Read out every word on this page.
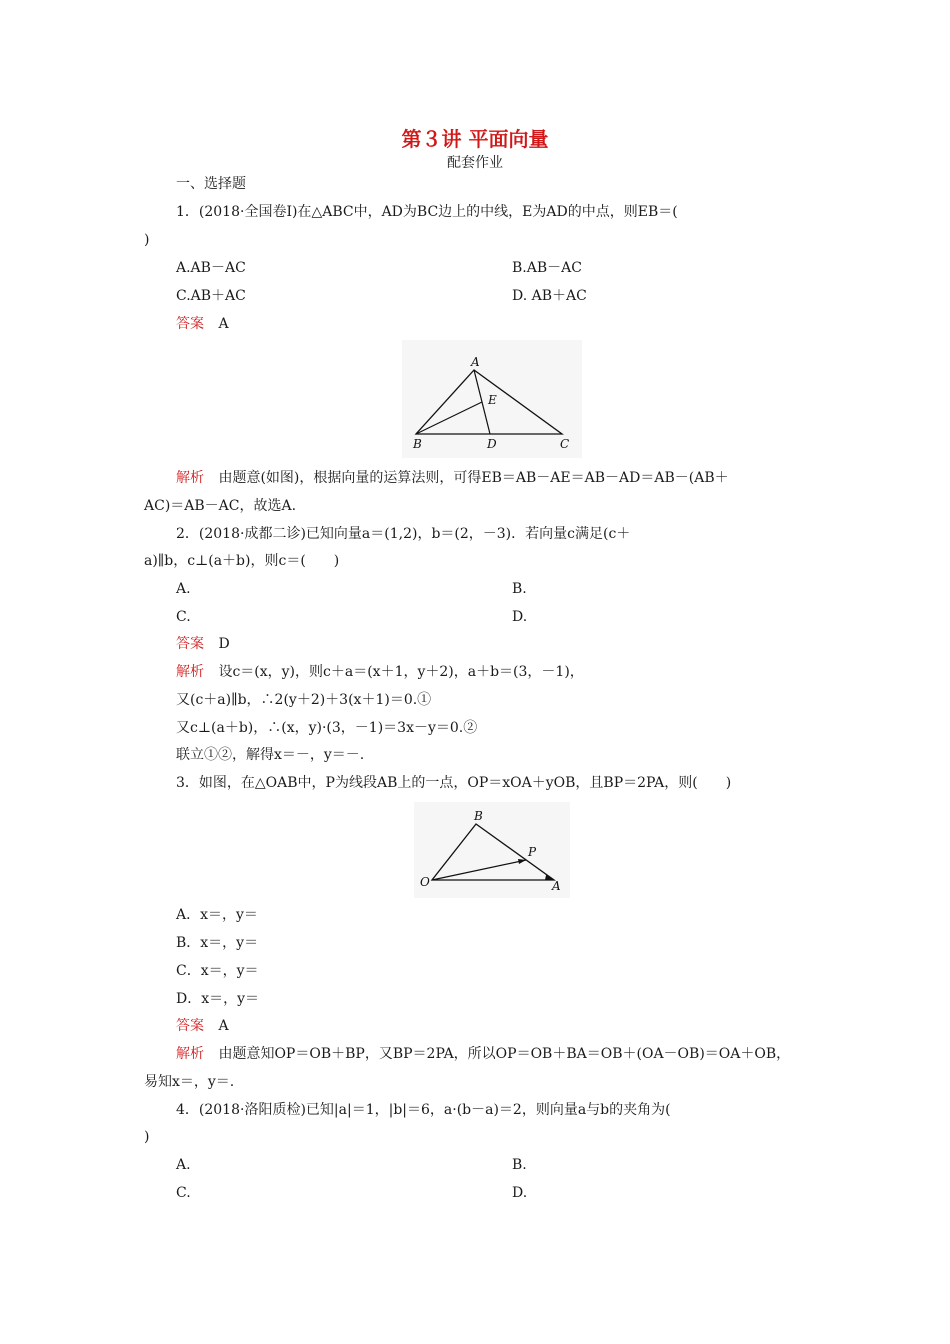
第３讲 平面向量
配套作业
一、选择题
1．(2018·全国卷Ⅰ)在△ABC中，AD为BC边上的中线，E为AD的中点，则EB＝(
)
A.AB－AC	B.AB－AC
C.AB＋AC	D. AB＋AC
答案 A
A
B	C
D
E
解析 由题意(如图)，根据向量的运算法则，可得EB＝AB－AE＝AB－AD＝AB－(AB＋
AC)＝AB－AC，故选A.
2．(2018·成都二诊)已知向量a＝(1,2)，b＝(2，－3)．若向量c满足(c＋
a)∥b，c⊥(a＋b)，则c＝(　　)
A.	B.
C.	D.
答案 D
解析 设c＝(x，y)，则c＋a＝(x＋1，y＋2)，a＋b＝(3，－1)，
又(c＋a)∥b，∴2(y＋2)＋3(x＋1)＝0.①
又c⊥(a＋b)，∴(x，y)·(3，－1)＝3x－y＝0.②
联立①②，解得x＝－，y＝－.
3．如图，在△OAB中，P为线段AB上的一点，OP＝xOA＋yOB，且BP＝2PA，则(　　)
B
P
O	A
A．x＝，y＝
B．x＝，y＝
C．x＝，y＝
D．x＝，y＝
答案 A
解析 由题意知OP＝OB＋BP，又BP＝2PA，所以OP＝OB＋BA＝OB＋(OA－OB)＝OA＋OB，
易知x＝，y＝.
4．(2018·洛阳质检)已知|a|＝1，|b|＝6，a·(b－a)＝2，则向量a与b的夹角为(
)
A.	B.
C.	D.
